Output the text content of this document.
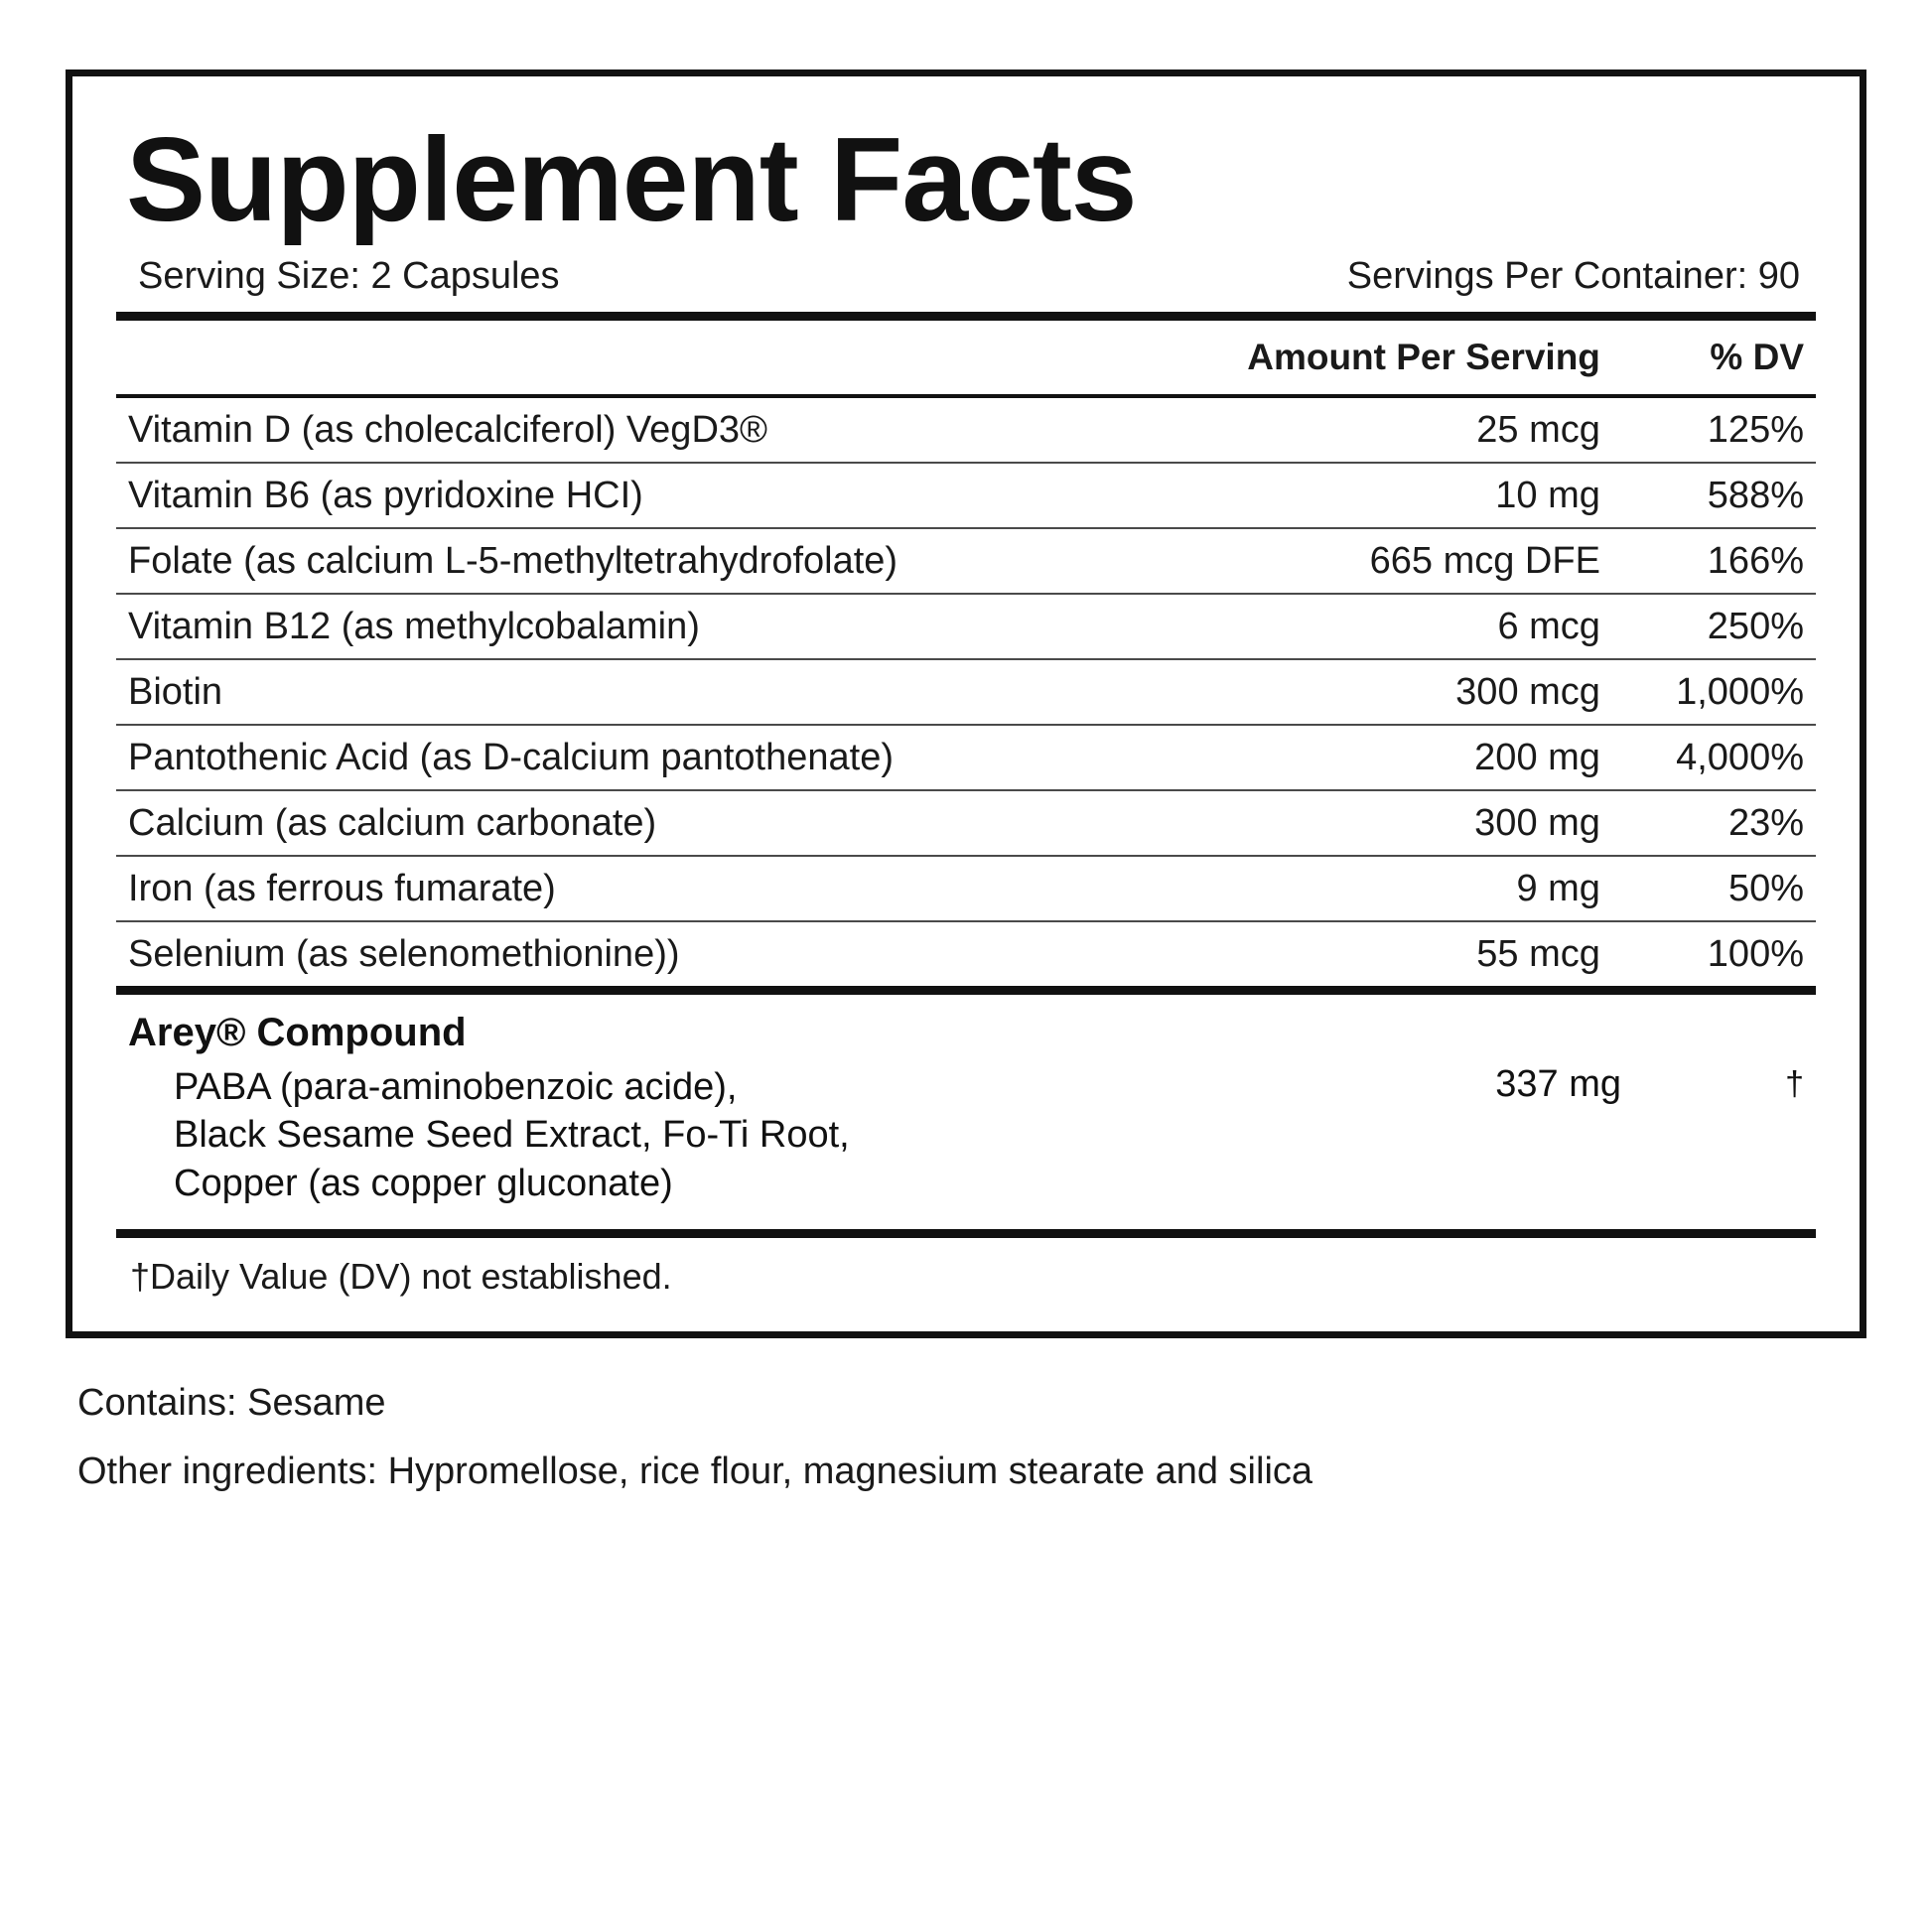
Supplement Facts
Serving Size: 2 Capsules	Servings Per Container: 90
	Amount Per Serving	% DV
Vitamin D (as cholecalciferol) VegD3®	25 mcg	125%
Vitamin B6 (as pyridoxine HCI)	10 mg	588%
Folate (as calcium L-5-methyltetrahydrofolate)	665 mcg DFE	166%
Vitamin B12 (as methylcobalamin)	6 mcg	250%
Biotin	300 mcg	1,000%
Pantothenic Acid (as D-calcium pantothenate)	200 mg	4,000%
Calcium (as calcium carbonate)	300 mg	23%
Iron (as ferrous fumarate)	9 mg	50%
Selenium (as selenomethionine))	55 mcg	100%
Arey® Compound
PABA (para-aminobenzoic acide),
Black Sesame Seed Extract, Fo-Ti Root,
Copper (as copper gluconate)
337 mg	†
†Daily Value (DV) not established.

Contains: Sesame

Other ingredients: Hypromellose, rice flour, magnesium stearate and silica
